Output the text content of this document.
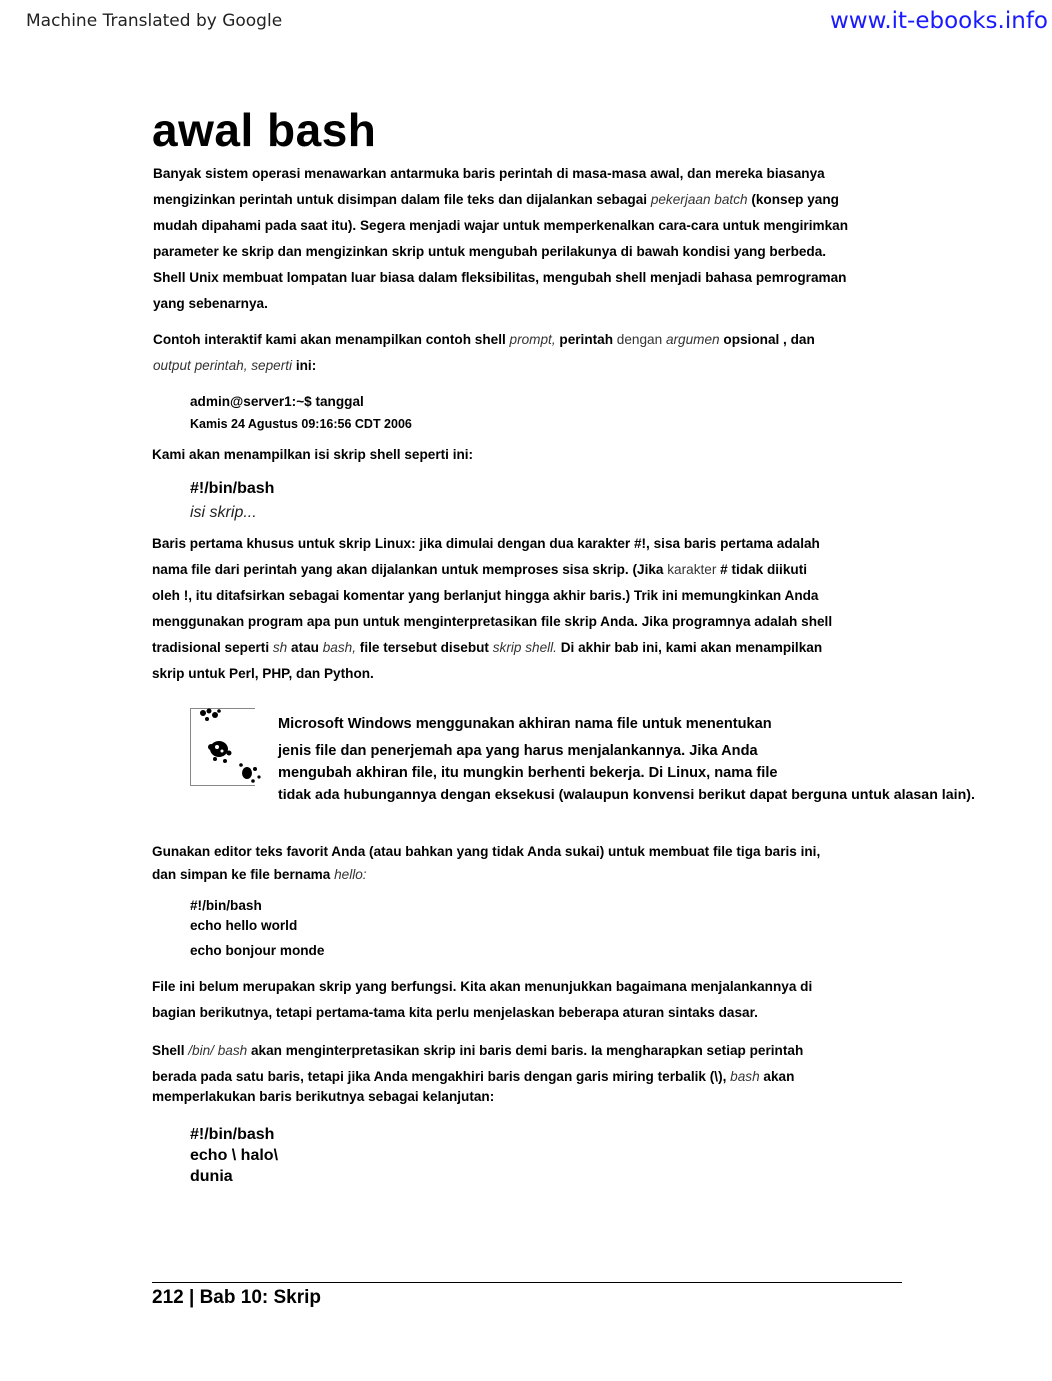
Machine Translated by Google	www.it-ebooks.info
awal bash
Banyak sistem operasi menawarkan antarmuka baris perintah di masa-masa awal, dan mereka biasanya
mengizinkan perintah untuk disimpan dalam file teks dan dijalankan sebagai pekerjaan batch (konsep yang
mudah dipahami pada saat itu). Segera menjadi wajar untuk memperkenalkan cara-cara untuk mengirimkan
parameter ke skrip dan mengizinkan skrip untuk mengubah perilakunya di bawah kondisi yang berbeda.
Shell Unix membuat lompatan luar biasa dalam fleksibilitas, mengubah shell menjadi bahasa pemrograman
yang sebenarnya.
Contoh interaktif kami akan menampilkan contoh shell prompt, perintah dengan argumen opsional , dan
output perintah, seperti ini:
admin@server1:~$ tanggal
Kamis 24 Agustus 09:16:56 CDT 2006
Kami akan menampilkan isi skrip shell seperti ini:
#!/bin/bash
isi skrip...
Baris pertama khusus untuk skrip Linux: jika dimulai dengan dua karakter #!, sisa baris pertama adalah
nama file dari perintah yang akan dijalankan untuk memproses sisa skrip. (Jika karakter # tidak diikuti
oleh !, itu ditafsirkan sebagai komentar yang berlanjut hingga akhir baris.) Trik ini memungkinkan Anda
menggunakan program apa pun untuk menginterpretasikan file skrip Anda. Jika programnya adalah shell
tradisional seperti sh atau bash, file tersebut disebut skrip shell. Di akhir bab ini, kami akan menampilkan
skrip untuk Perl, PHP, dan Python.
Microsoft Windows menggunakan akhiran nama file untuk menentukan
jenis file dan penerjemah apa yang harus menjalankannya. Jika Anda
mengubah akhiran file, itu mungkin berhenti bekerja. Di Linux, nama file
tidak ada hubungannya dengan eksekusi (walaupun konvensi berikut dapat berguna untuk alasan lain).
Gunakan editor teks favorit Anda (atau bahkan yang tidak Anda sukai) untuk membuat file tiga baris ini,
dan simpan ke file bernama hello:
#!/bin/bash
echo hello world
echo bonjour monde
File ini belum merupakan skrip yang berfungsi. Kita akan menunjukkan bagaimana menjalankannya di
bagian berikutnya, tetapi pertama-tama kita perlu menjelaskan beberapa aturan sintaks dasar.
Shell /bin/ bash akan menginterpretasikan skrip ini baris demi baris. Ia mengharapkan setiap perintah
berada pada satu baris, tetapi jika Anda mengakhiri baris dengan garis miring terbalik (\), bash akan
memperlakukan baris berikutnya sebagai kelanjutan:
#!/bin/bash
echo \ halo\
dunia
212 | Bab 10: Skrip
